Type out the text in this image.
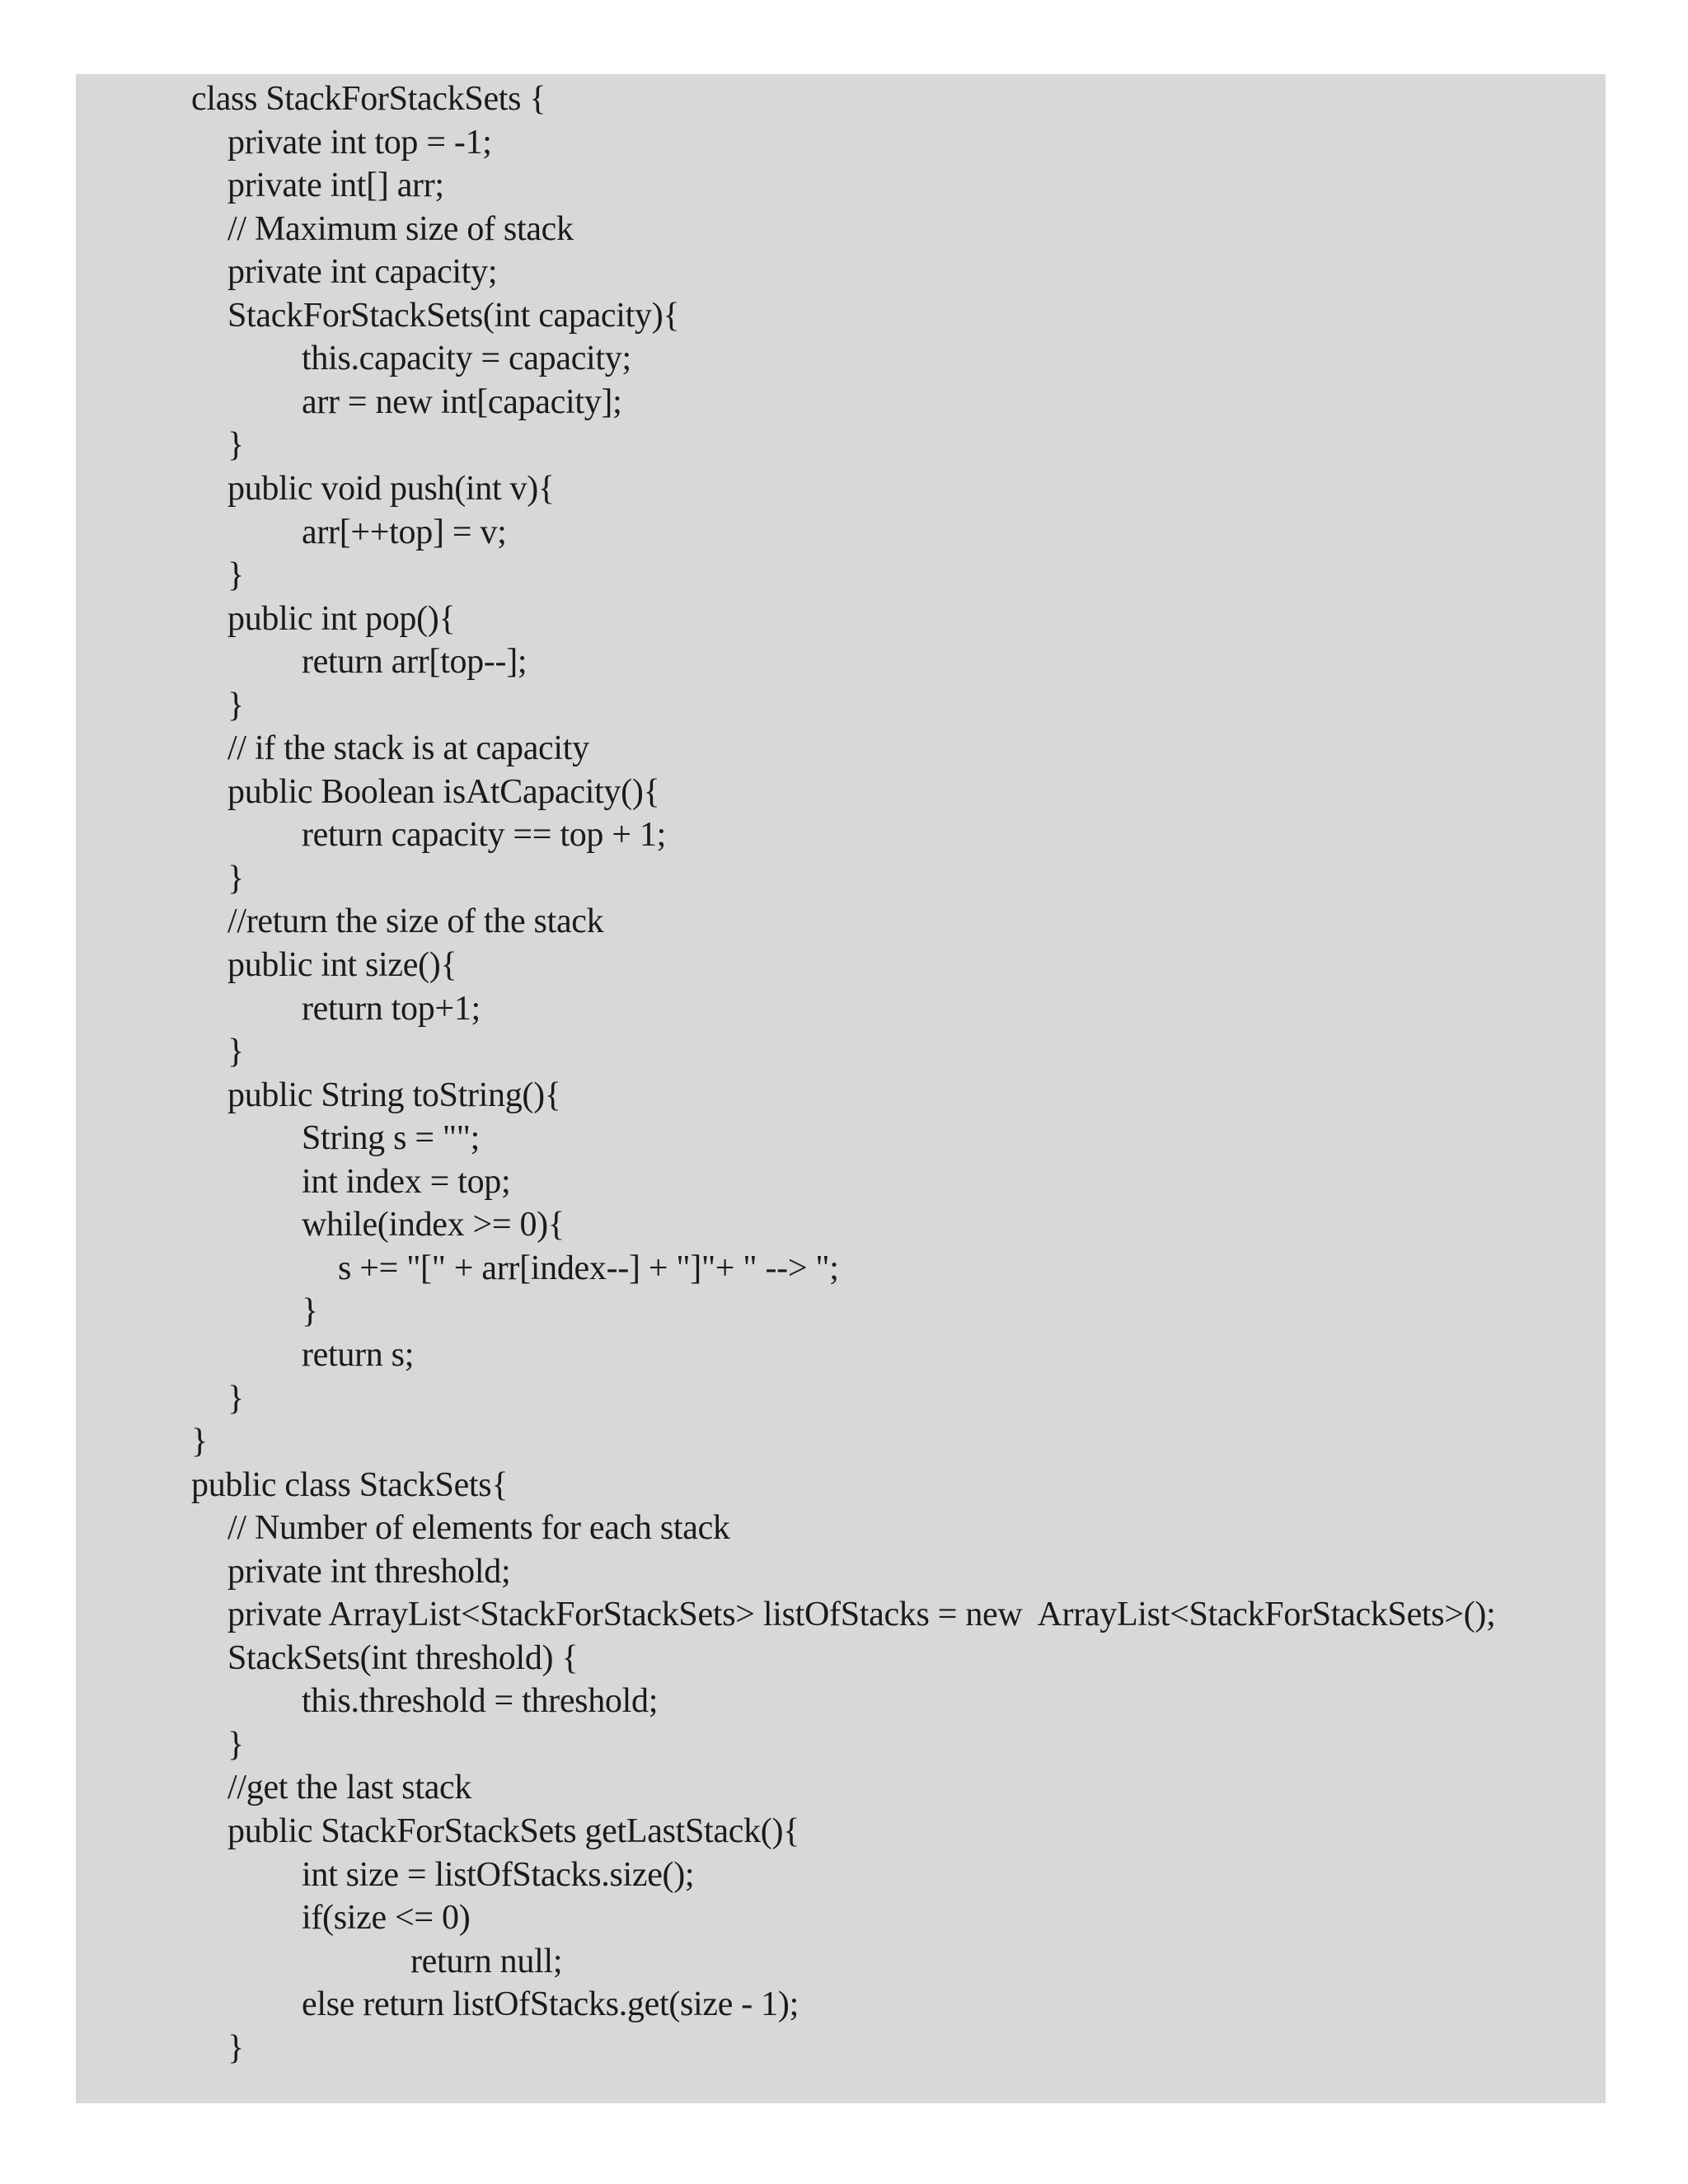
class StackForStackSets {
private int top = -1;
private int[] arr;
// Maximum size of stack
private int capacity;
StackForStackSets(int capacity){
this.capacity = capacity;
arr = new int[capacity];
}
public void push(int v){
arr[++top] = v;
}
public int pop(){
return arr[top--];
}
// if the stack is at capacity
public Boolean isAtCapacity(){
return capacity == top + 1;
}
//return the size of the stack
public int size(){
return top+1;
}
public String toString(){
String s = "";
int index = top;
while(index >= 0){
s += "[" + arr[index--] + "]"+ " --> ";
}
return s;
}
}
public class StackSets{
// Number of elements for each stack
private int threshold;
private ArrayList<StackForStackSets> listOfStacks = new  ArrayList<StackForStackSets>();
StackSets(int threshold) {
this.threshold = threshold;
}
//get the last stack
public StackForStackSets getLastStack(){
int size = listOfStacks.size();
if(size <= 0)
return null;
else return listOfStacks.get(size - 1);
}
